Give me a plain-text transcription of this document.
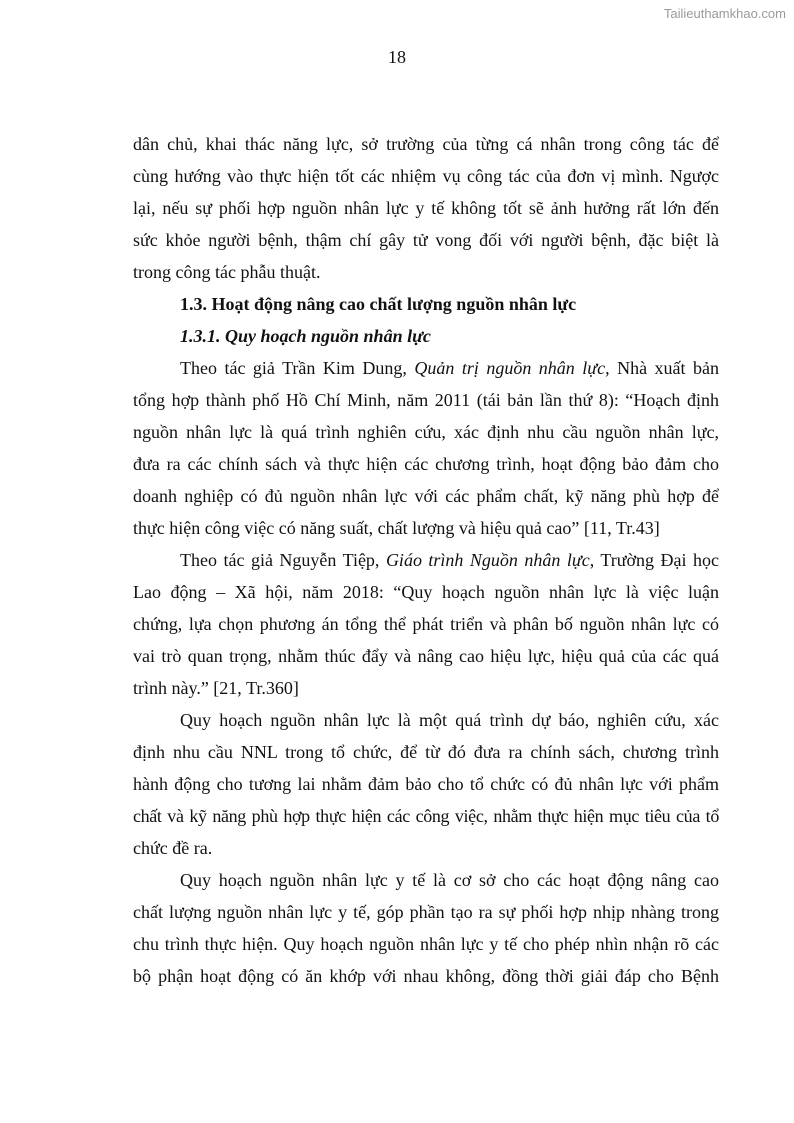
Tailieuthamkhao.com
18
dân chủ, khai thác năng lực, sở trường của từng cá nhân trong công tác để
cùng hướng vào thực hiện tốt các nhiệm vụ công tác của đơn vị mình. Ngược
lại, nếu sự phối hợp nguồn nhân lực y tế không tốt sẽ ảnh hưởng rất lớn đến
sức khỏe người bệnh, thậm chí gây tử vong đối với người bệnh, đặc biệt là
trong công tác phẫu thuật.
1.3. Hoạt động nâng cao chất lượng nguồn nhân lực
1.3.1. Quy hoạch nguồn nhân lực
Theo tác giả Trần Kim Dung, Quản trị nguồn nhân lực, Nhà xuất bản
tổng hợp thành phố Hồ Chí Minh, năm 2011 (tái bản lần thứ 8): “Hoạch định
nguồn nhân lực là quá trình nghiên cứu, xác định nhu cầu nguồn nhân lực,
đưa ra các chính sách và thực hiện các chương trình, hoạt động bảo đảm cho
doanh nghiệp có đủ nguồn nhân lực với các phẩm chất, kỹ năng phù hợp để
thực hiện công việc có năng suất, chất lượng và hiệu quả cao” [11, Tr.43]
Theo tác giả Nguyễn Tiệp, Giáo trình Nguồn nhân lực, Trường Đại học
Lao động – Xã hội, năm 2018: “Quy hoạch nguồn nhân lực là việc luận
chứng, lựa chọn phương án tổng thể phát triển và phân bố nguồn nhân lực có
vai trò quan trọng, nhằm thúc đẩy và nâng cao hiệu lực, hiệu quả của các quá
trình này.” [21, Tr.360]
Quy hoạch nguồn nhân lực là một quá trình dự báo, nghiên cứu, xác
định nhu cầu NNL trong tổ chức, để từ đó đưa ra chính sách, chương trình
hành động cho tương lai nhằm đảm bảo cho tổ chức có đủ nhân lực với phẩm
chất và kỹ năng phù hợp thực hiện các công việc, nhằm thực hiện mục tiêu của tổ
chức đề ra.
Quy hoạch nguồn nhân lực y tế là cơ sở cho các hoạt động nâng cao
chất lượng nguồn nhân lực y tế, góp phần tạo ra sự phối hợp nhịp nhàng trong
chu trình thực hiện. Quy hoạch nguồn nhân lực y tế cho phép nhìn nhận rõ các
bộ phận hoạt động có ăn khớp với nhau không, đồng thời giải đáp cho Bệnh
